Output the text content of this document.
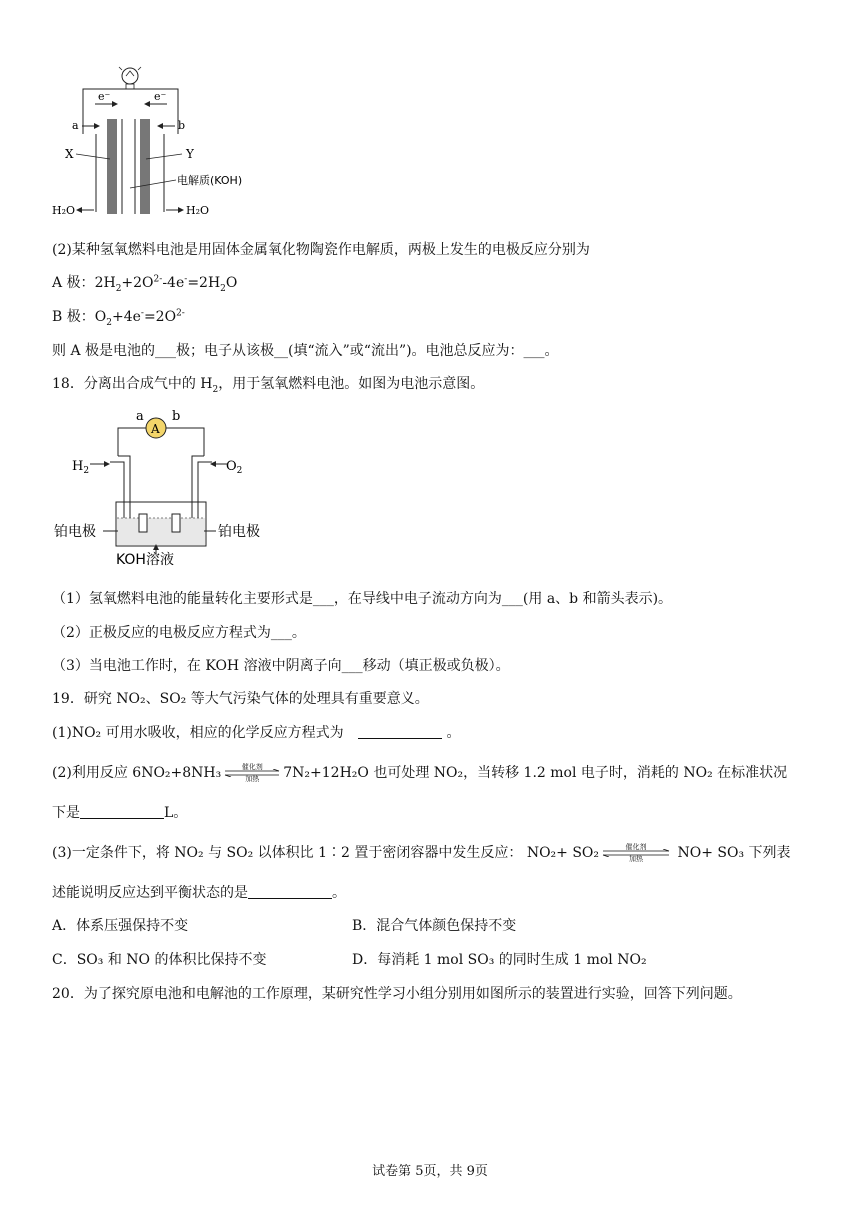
e⁻	e⁻
a	b
X	Y
电解质(KOH)
H₂O	H₂O
(2)某种氢氧燃料电池是用固体金属氧化物陶瓷作电解质，两极上发生的电极反应分别为
A 极：$2H_2+2O^{2-}-4e^-=2H_2O$
B 极：$O_2+4e^-=2O^{2-}$
则 A 极是电池的___极；电子从该极__(填“流入”或“流出”)。电池总反应为：___。
18．分离出合成气中的 $H_2$，用于氢氧燃料电池。如图为电池示意图。
a b
A
$H_2$	$O_2$
铂电极	铂电极
KOH溶液
（1）氢氧燃料电池的能量转化主要形式是___，在导线中电子流动方向为___(用 a、b 和箭头表示)。
（2）正极反应的电极反应方程式为___。
（3）当电池工作时，在 KOH 溶液中阴离子向___移动（填正极或负极）。
19．研究 NO₂、SO₂ 等大气污染气体的处理具有重要意义。
(1)NO₂ 可用水吸收，相应的化学反应方程式为	。
(2)利用反应 6NO₂+8NH₃	催化剂
加热	7N₂+12H₂O 也可处理 NO₂，当转移 1.2 mol 电子时，消耗的 NO₂ 在标准状况
下是	L。
(3)一定条件下，将 NO₂ 与 SO₂ 以体积比 1∶2 置于密闭容器中发生反应： NO₂+ SO₂	催化剂
加热	NO+ SO₃ 下列表
述能说明反应达到平衡状态的是	。
A．体系压强保持不变	B．混合气体颜色保持不变
C．SO₃ 和 NO 的体积比保持不变	D．每消耗 1 mol SO₃ 的同时生成 1 mol NO₂
20．为了探究原电池和电解池的工作原理，某研究性学习小组分别用如图所示的装置进行实验，回答下列问题。
试卷第 5页，共 9页
